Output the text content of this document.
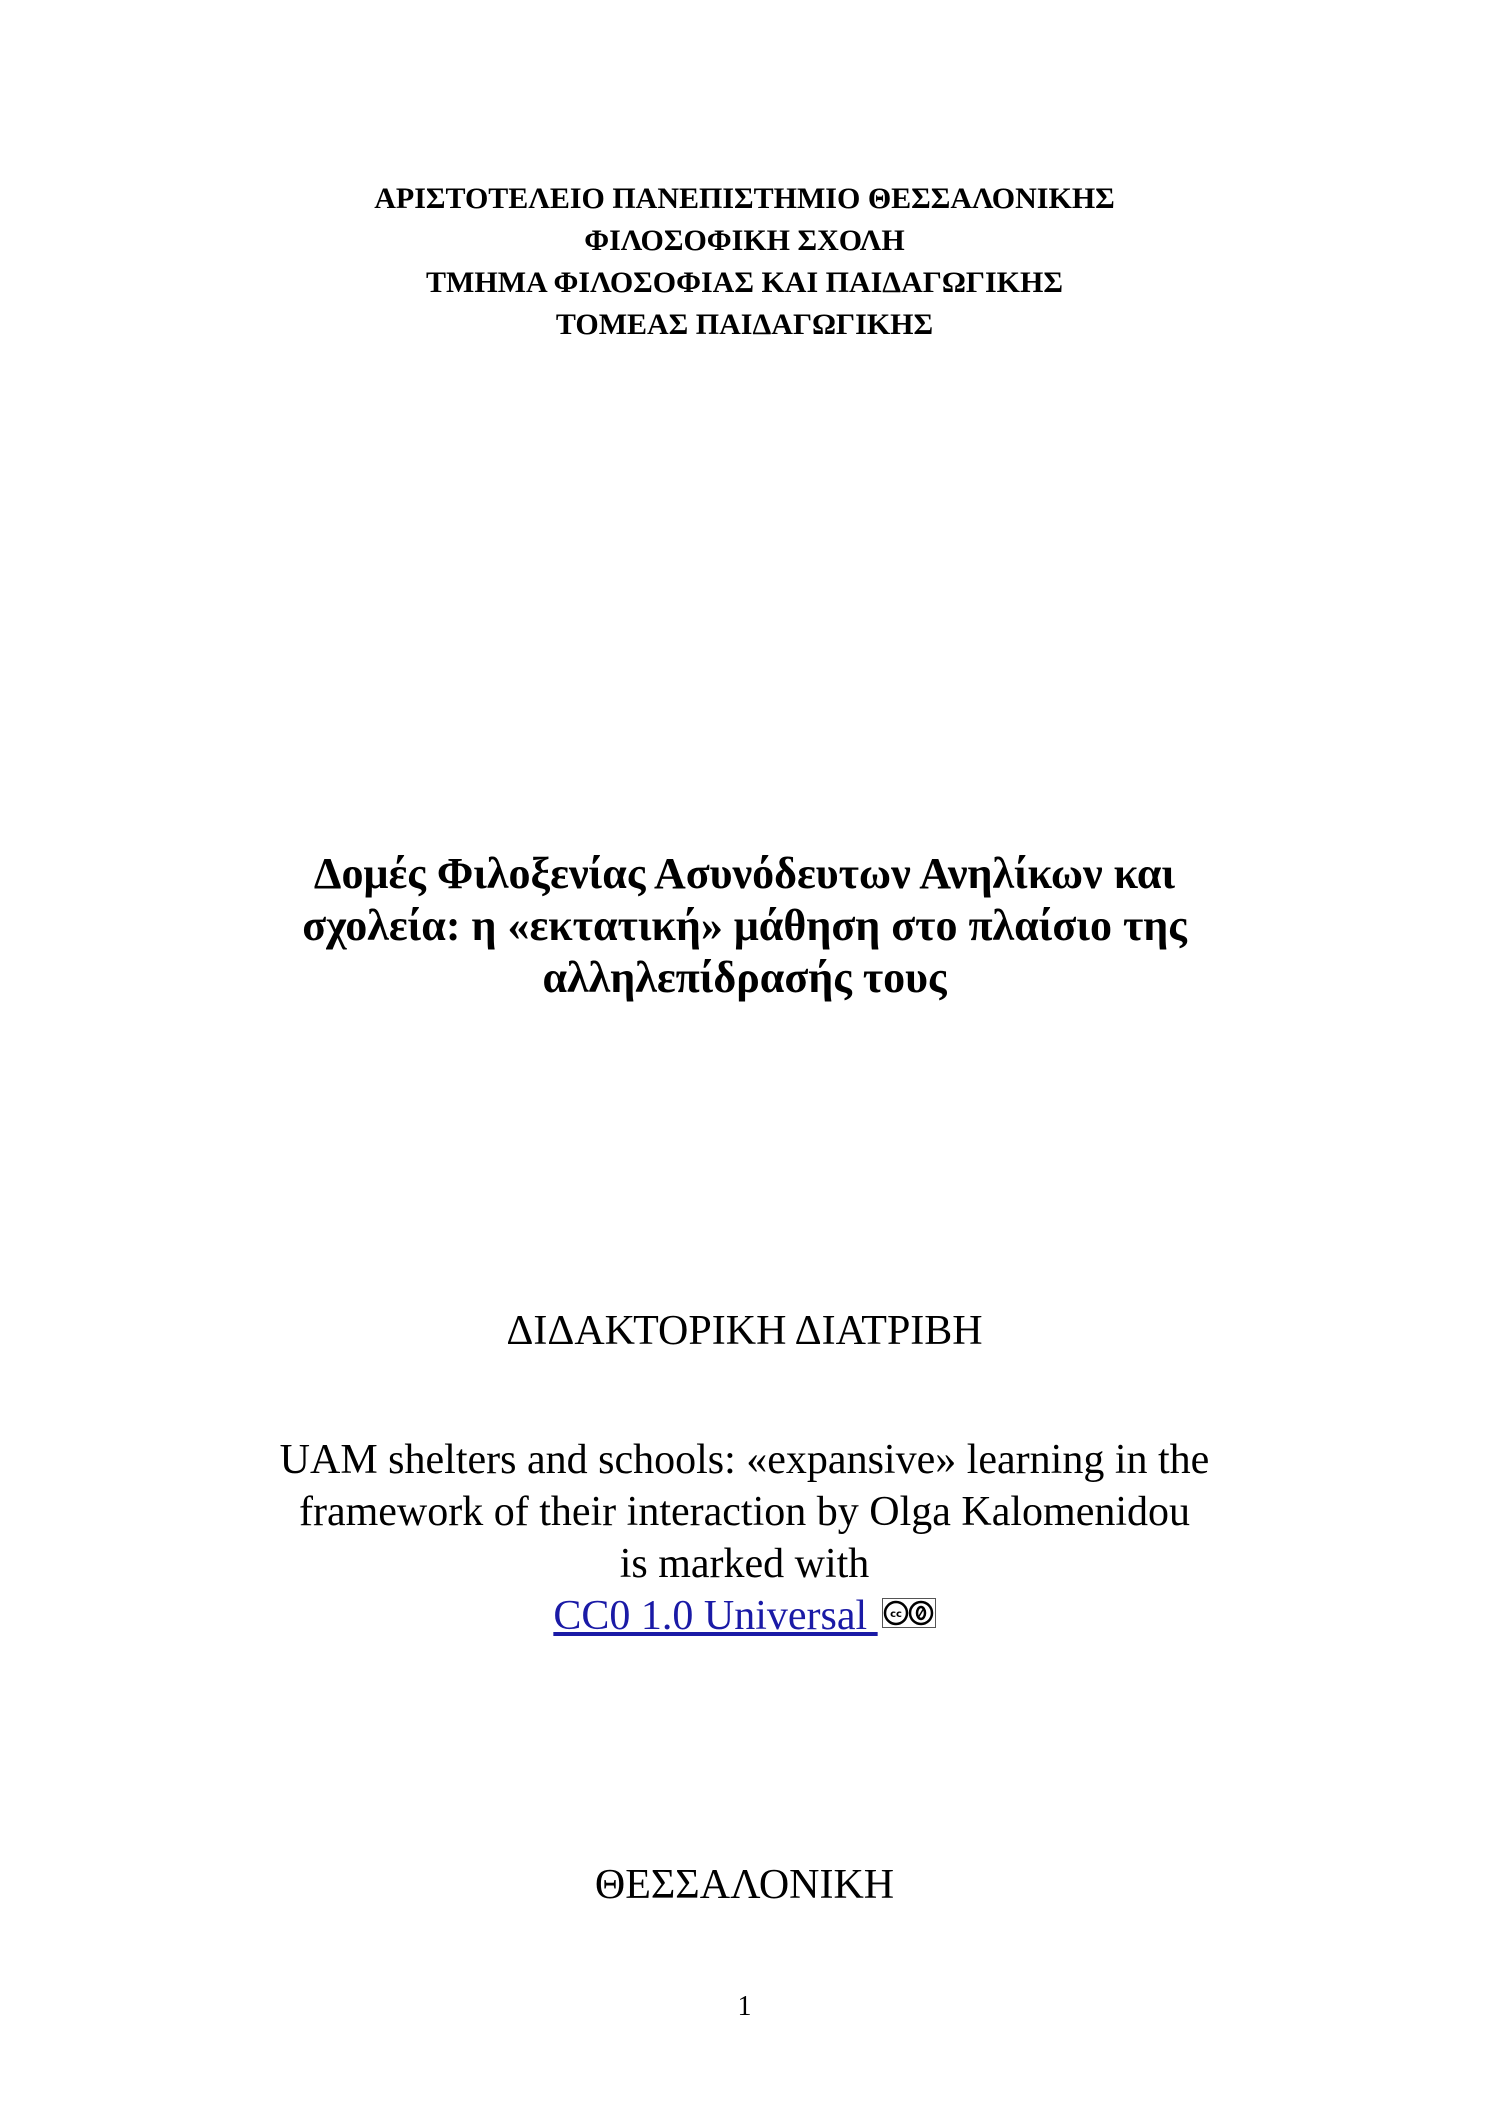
ΑΡΙΣΤΟΤΕΛΕΙΟ ΠΑΝΕΠΙΣΤΗΜΙΟ ΘΕΣΣΑΛΟΝΙΚΗΣ
ΦΙΛΟΣΟΦΙΚΗ ΣΧΟΛΗ
ΤΜΗΜΑ ΦΙΛΟΣΟΦΙΑΣ ΚΑΙ ΠΑΙΔΑΓΩΓΙΚΗΣ
ΤΟΜΕΑΣ ΠΑΙΔΑΓΩΓΙΚΗΣ
Δομές Φιλοξενίας Ασυνόδευτων Ανηλίκων και
σχολεία: η «εκτατική» μάθηση στο πλαίσιο της
αλληλεπίδρασής τους
ΔΙΔΑΚΤΟΡΙΚΗ ΔΙΑΤΡΙΒΗ
UAM shelters and schools: «expansive» learning in the
framework of their interaction by Olga Kalomenidou
is marked with
CC0 1.0 Universal cc
ΘΕΣΣΑΛΟΝΙΚΗ
1
